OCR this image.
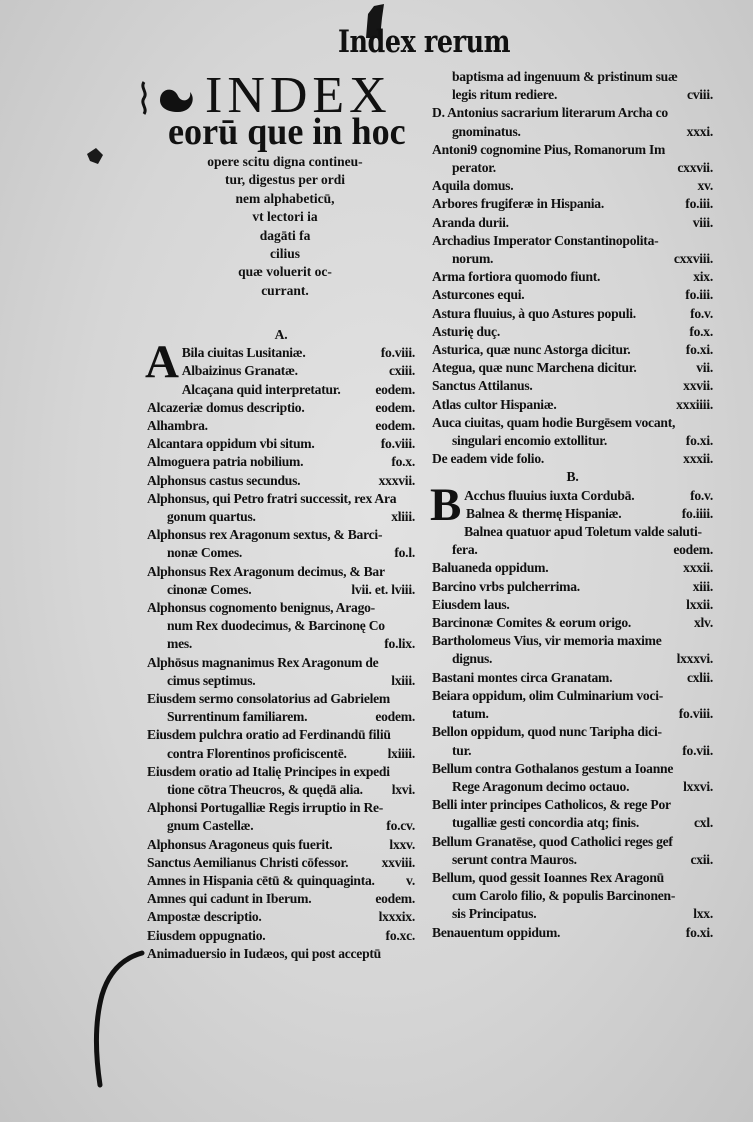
Index rerum
INDEX
eorū que in hoc
opere scitu digna contineu-
tur, digestus per ordi
nem alphabeticū,
vt lectori ia
dagāti fa
cilius
quæ voluerit oc-
currant.
A.
A Bila ciuitas Lusitaniæ.	fo.viii.
Albaizinus Granatæ.	cxiii.
Alcaçana quid interpretatur.	eodem.
Alcazeriæ domus descriptio.	eodem.
Alhambra.	eodem.
Alcantara oppidum vbi situm.	fo.viii.
Almoguera patria nobilium.	fo.x.
Alphonsus castus secundus.	xxxvii.
Alphonsus, qui Petro fratri successit, rex Ara
gonum quartus.	xliii.
Alphonsus rex Aragonum sextus, & Barci-
nonæ Comes.	fo.l.
Alphonsus Rex Aragonum decimus, & Bar
cinonæ Comes.	lvii. et. lviii.
Alphonsus cognomento benignus, Arago-
num Rex duodecimus, & Barcinonę Co
mes.	fo.lix.
Alphōsus magnanimus Rex Aragonum de
cimus septimus.	lxiii.
Eiusdem sermo consolatorius ad Gabrielem
Surrentinum familiarem.	eodem.
Eiusdem pulchra oratio ad Ferdinandū filiū
contra Florentinos proficiscentē.	lxiiii.
Eiusdem oratio ad Italię Principes in expedi
tione cōtra Theucros, & quędā alia.	lxvi.
Alphonsi Portugalliæ Regis irruptio in Re-
gnum Castellæ.	fo.cv.
Alphonsus Aragoneus quis fuerit.	lxxv.
Sanctus Aemilianus Christi cōfessor.	xxviii.
Amnes in Hispania cētū & quinquaginta.	v.
Amnes qui cadunt in Iberum.	eodem.
Ampostæ descriptio.	lxxxix.
Eiusdem oppugnatio.	fo.xc.
Animaduersio in Iudæos, qui post acceptū
baptisma ad ingenuum & pristinum suæ
legis ritum rediere.	cviii.
D. Antonius sacrarium literarum Archa co
gnominatus.	xxxi.
Antoni9 cognomine Pius, Romanorum Im
perator.	cxxvii.
Aquila domus.	xv.
Arbores frugiferæ in Hispania.	fo.iii.
Aranda durii.	viii.
Archadius Imperator Constantinopolita-
norum.	cxxviii.
Arma fortiora quomodo fiunt.	xix.
Asturcones equi.	fo.iii.
Astura fluuius, à quo Astures populi.	fo.v.
Asturię duç.	fo.x.
Asturica, quæ nunc Astorga dicitur.	fo.xi.
Ategua, quæ nunc Marchena dicitur.	vii.
Sanctus Attilanus.	xxvii.
Atlas cultor Hispaniæ.	xxxiiii.
Auca ciuitas, quam hodie Burgēsem vocant,
singulari encomio extollitur.	fo.xi.
De eadem vide folio.	xxxii.
B.
B Acchus fluuius iuxta Cordubā.	fo.v.
Balnea & thermę Hispaniæ.	fo.iiii.
Balnea quatuor apud Toletum valde saluti-
fera.	eodem.
Baluaneda oppidum.	xxxii.
Barcino vrbs pulcherrima.	xiii.
Eiusdem laus.	lxxii.
Barcinonæ Comites & eorum origo.	xlv.
Bartholomeus Vius, vir memoria maxime
dignus.	lxxxvi.
Bastani montes circa Granatam.	cxlii.
Beiara oppidum, olim Culminarium voci-
tatum.	fo.viii.
Bellon oppidum, quod nunc Taripha dici-
tur.	fo.vii.
Bellum contra Gothalanos gestum a Ioanne
Rege Aragonum decimo octauo.	lxxvi.
Belli inter principes Catholicos, & rege Por
tugalliæ gesti concordia atq; finis.	cxl.
Bellum Granatēse, quod Catholici reges gef
serunt contra Mauros.	cxii.
Bellum, quod gessit Ioannes Rex Aragonū
cum Carolo filio, & populis Barcinonen-
sis Principatus.	lxx.
Benauentum oppidum.	fo.xi.
